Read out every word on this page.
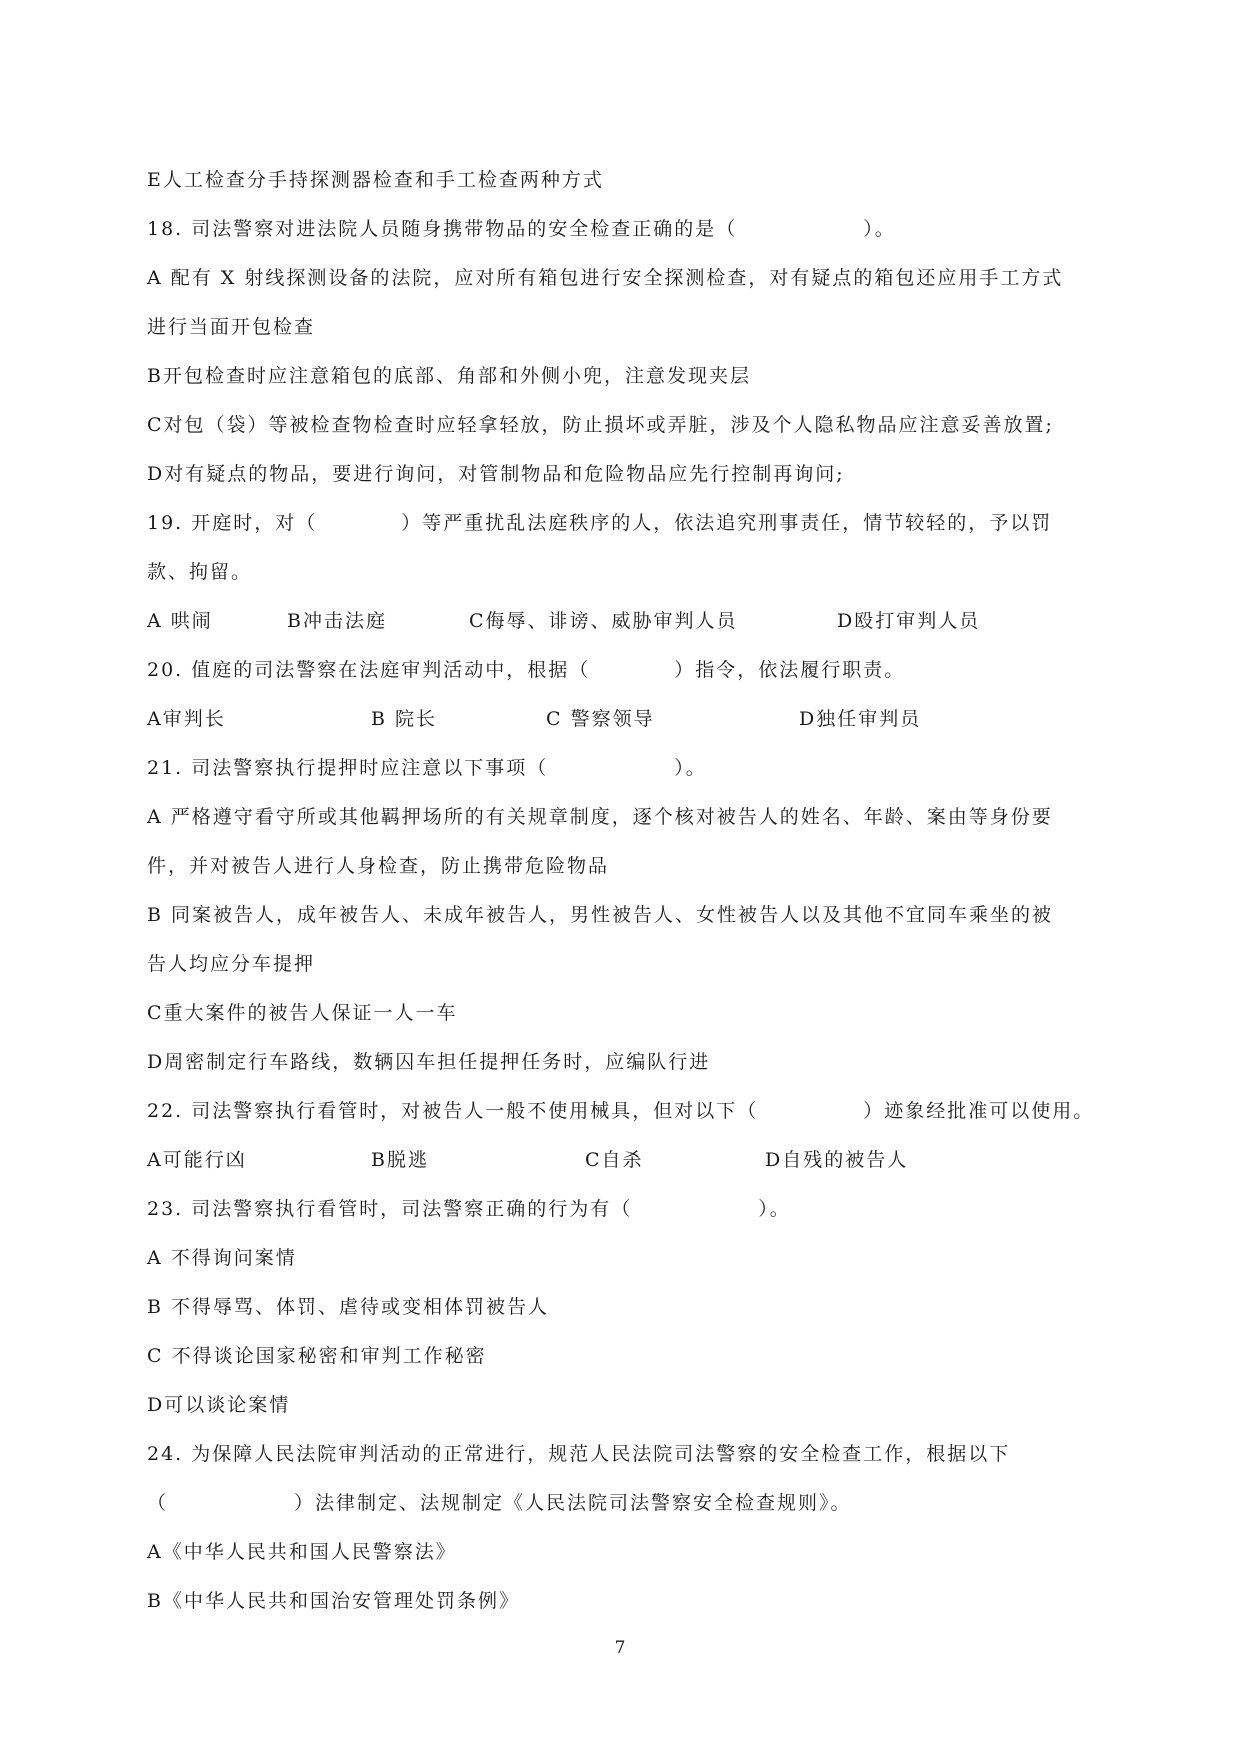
E人工检查分手持探测器检查和手工检查两种方式
18. 司法警察对进法院人员随身携带物品的安全检查正确的是（　　　　　　）。
A 配有 X 射线探测设备的法院，应对所有箱包进行安全探测检查，对有疑点的箱包还应用手工方式
进行当面开包检查
B开包检查时应注意箱包的底部、角部和外侧小兜，注意发现夹层
C对包（袋）等被检查物检查时应轻拿轻放，防止损坏或弄脏，涉及个人隐私物品应注意妥善放置;
D对有疑点的物品，要进行询问，对管制物品和危险物品应先行控制再询问;
19. 开庭时，对（　　　　）等严重扰乱法庭秩序的人，依法追究刑事责任，情节较轻的，予以罚
款、拘留。
A 哄闹	B冲击法庭	C侮辱、诽谤、威胁审判人员	D殴打审判人员
20. 值庭的司法警察在法庭审判活动中，根据（　　　　）指令，依法履行职责。
A审判长	B 院长	C 警察领导	D独任审判员
21. 司法警察执行提押时应注意以下事项（　　　　　　）。
A 严格遵守看守所或其他羁押场所的有关规章制度，逐个核对被告人的姓名、年龄、案由等身份要
件，并对被告人进行人身检查，防止携带危险物品
B 同案被告人，成年被告人、未成年被告人，男性被告人、女性被告人以及其他不宜同车乘坐的被
告人均应分车提押
C重大案件的被告人保证一人一车
D周密制定行车路线，数辆囚车担任提押任务时，应编队行进
22. 司法警察执行看管时，对被告人一般不使用械具，但对以下（　　　　　）迹象经批准可以使用。
A可能行凶	B脱逃	C自杀	D自残的被告人
23. 司法警察执行看管时，司法警察正确的行为有（　　　　　　）。
A 不得询问案情
B 不得辱骂、体罚、虐待或变相体罚被告人
C 不得谈论国家秘密和审判工作秘密
D可以谈论案情
24. 为保障人民法院审判活动的正常进行，规范人民法院司法警察的安全检查工作，根据以下
（　　　　　　）法律制定、法规制定《人民法院司法警察安全检查规则》。
A《中华人民共和国人民警察法》
B《中华人民共和国治安管理处罚条例》
7
